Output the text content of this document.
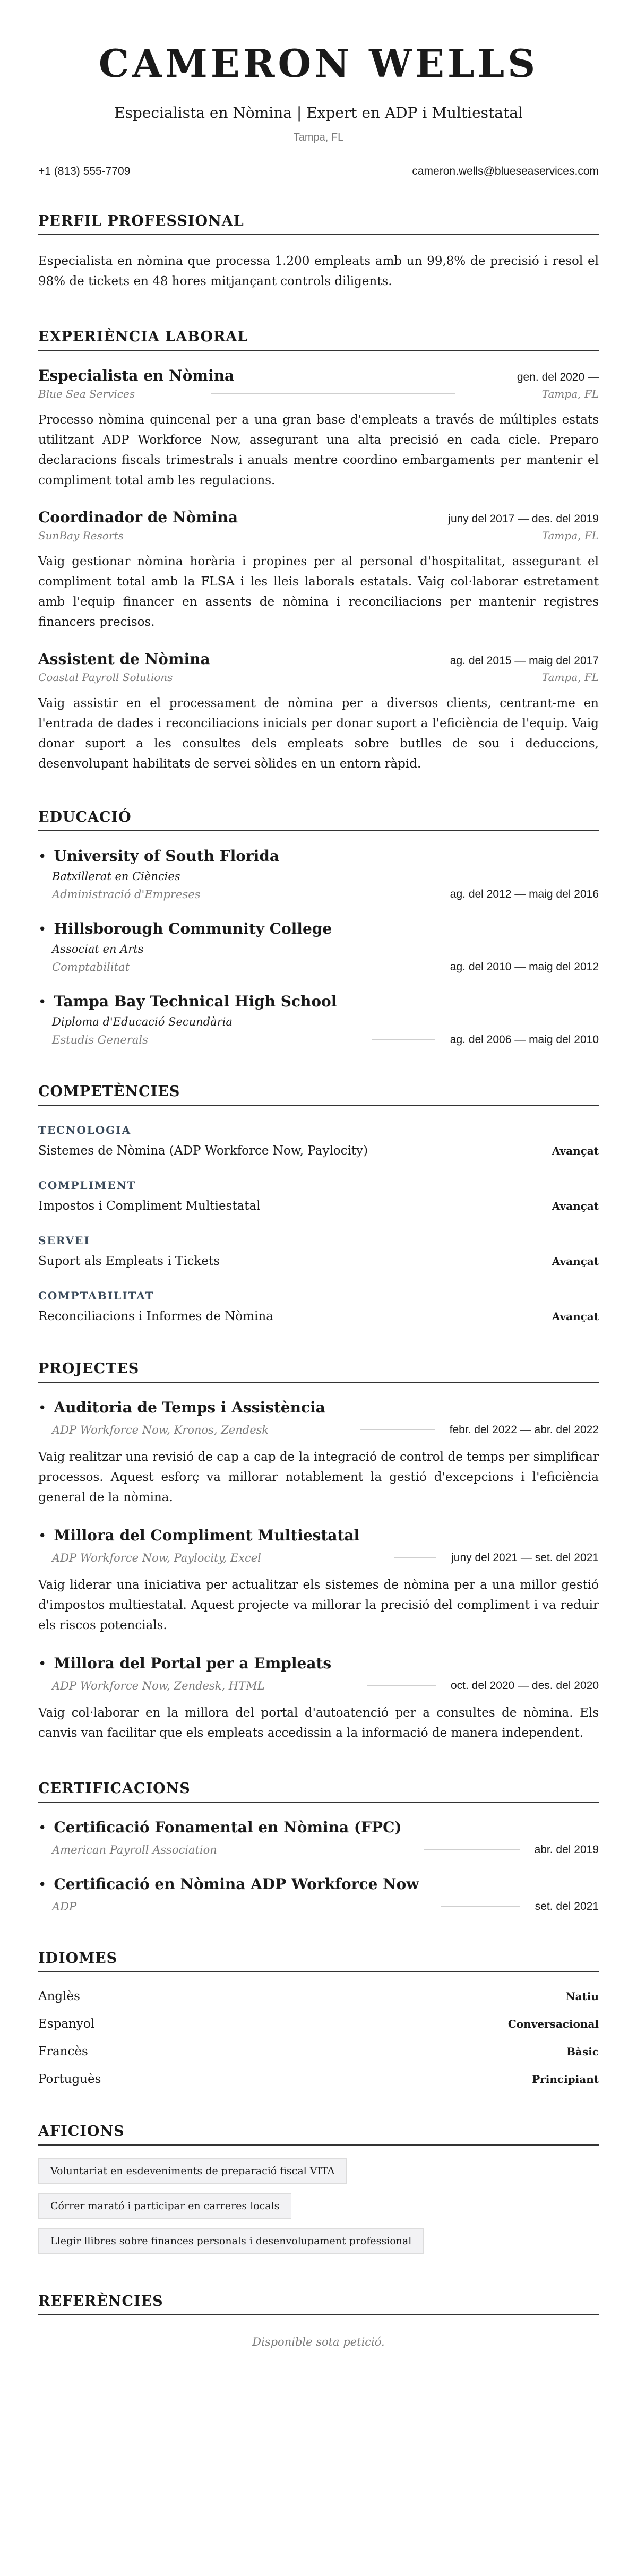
CAMERON WELLS
Especialista en Nòmina | Expert en ADP i Multiestatal
Tampa, FL
+1 (813) 555-7709	cameron.wells@blueseaservices.com
PERFIL PROFESSIONAL
Especialista en nòmina que processa 1.200 empleats amb un 99,8% de precisió i resol el 98% de tickets en 48 hores mitjançant controls diligents.
EXPERIÈNCIA LABORAL
Especialista en Nòmina	gen. del 2020 —
Blue Sea Services	Tampa, FL
Processo nòmina quincenal per a una gran base d'empleats a través de múltiples estats utilitzant ADP Workforce Now, assegurant una alta precisió en cada cicle. Preparo declaracions fiscals trimestrals i anuals mentre coordino embargaments per mantenir el compliment total amb les regulacions.
Coordinador de Nòmina	juny del 2017 — des. del 2019
SunBay Resorts	Tampa, FL
Vaig gestionar nòmina horària i propines per al personal d'hospitalitat, assegurant el compliment total amb la FLSA i les lleis laborals estatals. Vaig col·laborar estretament amb l'equip financer en assents de nòmina i reconciliacions per mantenir registres financers precisos.
Assistent de Nòmina	ag. del 2015 — maig del 2017
Coastal Payroll Solutions	Tampa, FL
Vaig assistir en el processament de nòmina per a diversos clients, centrant-me en l'entrada de dades i reconciliacions inicials per donar suport a l'eficiència de l'equip. Vaig donar suport a les consultes dels empleats sobre butlles de sou i deduccions, desenvolupant habilitats de servei sòlides en un entorn ràpid.
EDUCACIÓ
• University of South Florida
Batxillerat en Ciències
Administració d'Empreses	ag. del 2012 — maig del 2016
• Hillsborough Community College
Associat en Arts
Comptabilitat	ag. del 2010 — maig del 2012
• Tampa Bay Technical High School
Diploma d'Educació Secundària
Estudis Generals	ag. del 2006 — maig del 2010
COMPETÈNCIES
TECNOLOGIA
Sistemes de Nòmina (ADP Workforce Now, Paylocity)	Avançat
COMPLIMENT
Impostos i Compliment Multiestatal	Avançat
SERVEI
Suport als Empleats i Tickets	Avançat
COMPTABILITAT
Reconciliacions i Informes de Nòmina	Avançat
PROJECTES
• Auditoria de Temps i Assistència
ADP Workforce Now, Kronos, Zendesk	febr. del 2022 — abr. del 2022
Vaig realitzar una revisió de cap a cap de la integració de control de temps per simplificar processos. Aquest esforç va millorar notablement la gestió d'excepcions i l'eficiència general de la nòmina.
• Millora del Compliment Multiestatal
ADP Workforce Now, Paylocity, Excel	juny del 2021 — set. del 2021
Vaig liderar una iniciativa per actualitzar els sistemes de nòmina per a una millor gestió d'impostos multiestatal. Aquest projecte va millorar la precisió del compliment i va reduir els riscos potencials.
• Millora del Portal per a Empleats
ADP Workforce Now, Zendesk, HTML	oct. del 2020 — des. del 2020
Vaig col·laborar en la millora del portal d'autoatenció per a consultes de nòmina. Els canvis van facilitar que els empleats accedissin a la informació de manera independent.
CERTIFICACIONS
• Certificació Fonamental en Nòmina (FPC)
American Payroll Association	abr. del 2019
• Certificació en Nòmina ADP Workforce Now
ADP	set. del 2021
IDIOMES
Anglès	Natiu
Espanyol	Conversacional
Francès	Bàsic
Portuguès	Principiant
AFICIONS
Voluntariat en esdeveniments de preparació fiscal VITA
Córrer marató i participar en carreres locals
Llegir llibres sobre finances personals i desenvolupament professional
REFERÈNCIES
Disponible sota petició.
